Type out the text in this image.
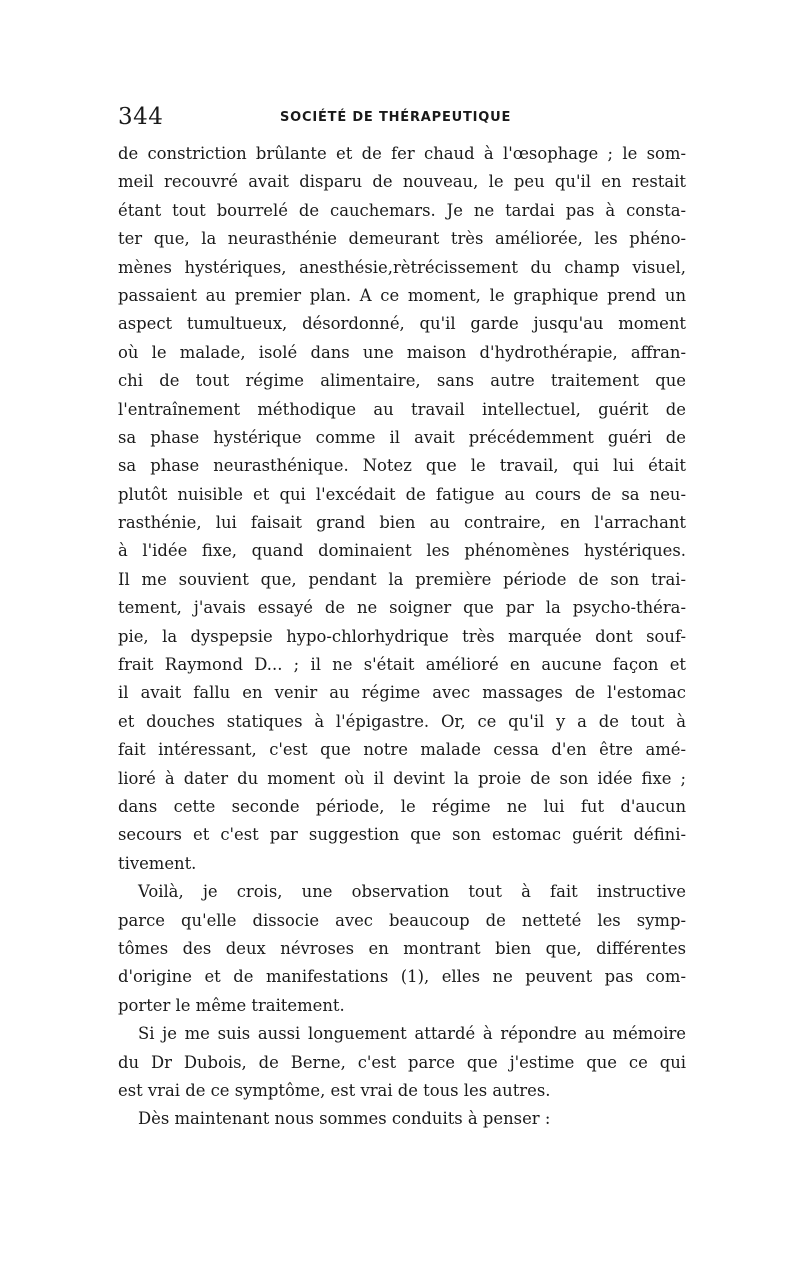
344	SOCIÉTÉ DE THÉRAPEUTIQUE
de constriction brûlante et de fer chaud à l'œsophage ; le som-
meil recouvré avait disparu de nouveau, le peu qu'il en restait
étant tout bourrelé de cauchemars. Je ne tardai pas à consta-
ter que, la neurasthénie demeurant très améliorée, les phéno-
mènes hystériques, anesthésie,rètrécissement du champ visuel,
passaient au premier plan. A ce moment, le graphique prend un
aspect tumultueux, désordonné, qu'il garde jusqu'au moment
où le malade, isolé dans une maison d'hydrothérapie, affran-
chi de tout régime alimentaire, sans autre traitement que
l'entraînement méthodique au travail intellectuel, guérit de
sa phase hystérique comme il avait précédemment guéri de
sa phase neurasthénique. Notez que le travail, qui lui était
plutôt nuisible et qui l'excédait de fatigue au cours de sa neu-
rasthénie, lui faisait grand bien au contraire, en l'arrachant
à l'idée fixe, quand dominaient les phénomènes hystériques.
Il me souvient que, pendant la première période de son trai-
tement, j'avais essayé de ne soigner que par la psycho-théra-
pie, la dyspepsie hypo-chlorhydrique très marquée dont souf-
frait Raymond D... ; il ne s'était amélioré en aucune façon et
il avait fallu en venir au régime avec massages de l'estomac
et douches statiques à l'épigastre. Or, ce qu'il y a de tout à
fait intéressant, c'est que notre malade cessa d'en être amé-
lioré à dater du moment où il devint la proie de son idée fixe ;
dans cette seconde période, le régime ne lui fut d'aucun
secours et c'est par suggestion que son estomac guérit défini-
tivement.
Voilà, je crois, une observation tout à fait instructive
parce qu'elle dissocie avec beaucoup de netteté les symp-
tômes des deux névroses en montrant bien que, différentes
d'origine et de manifestations (1), elles ne peuvent pas com-
porter le même traitement.
Si je me suis aussi longuement attardé à répondre au mémoire
du Dr Dubois, de Berne, c'est parce que j'estime que ce qui
est vrai de ce symptôme, est vrai de tous les autres.
Dès maintenant nous sommes conduits à penser :
